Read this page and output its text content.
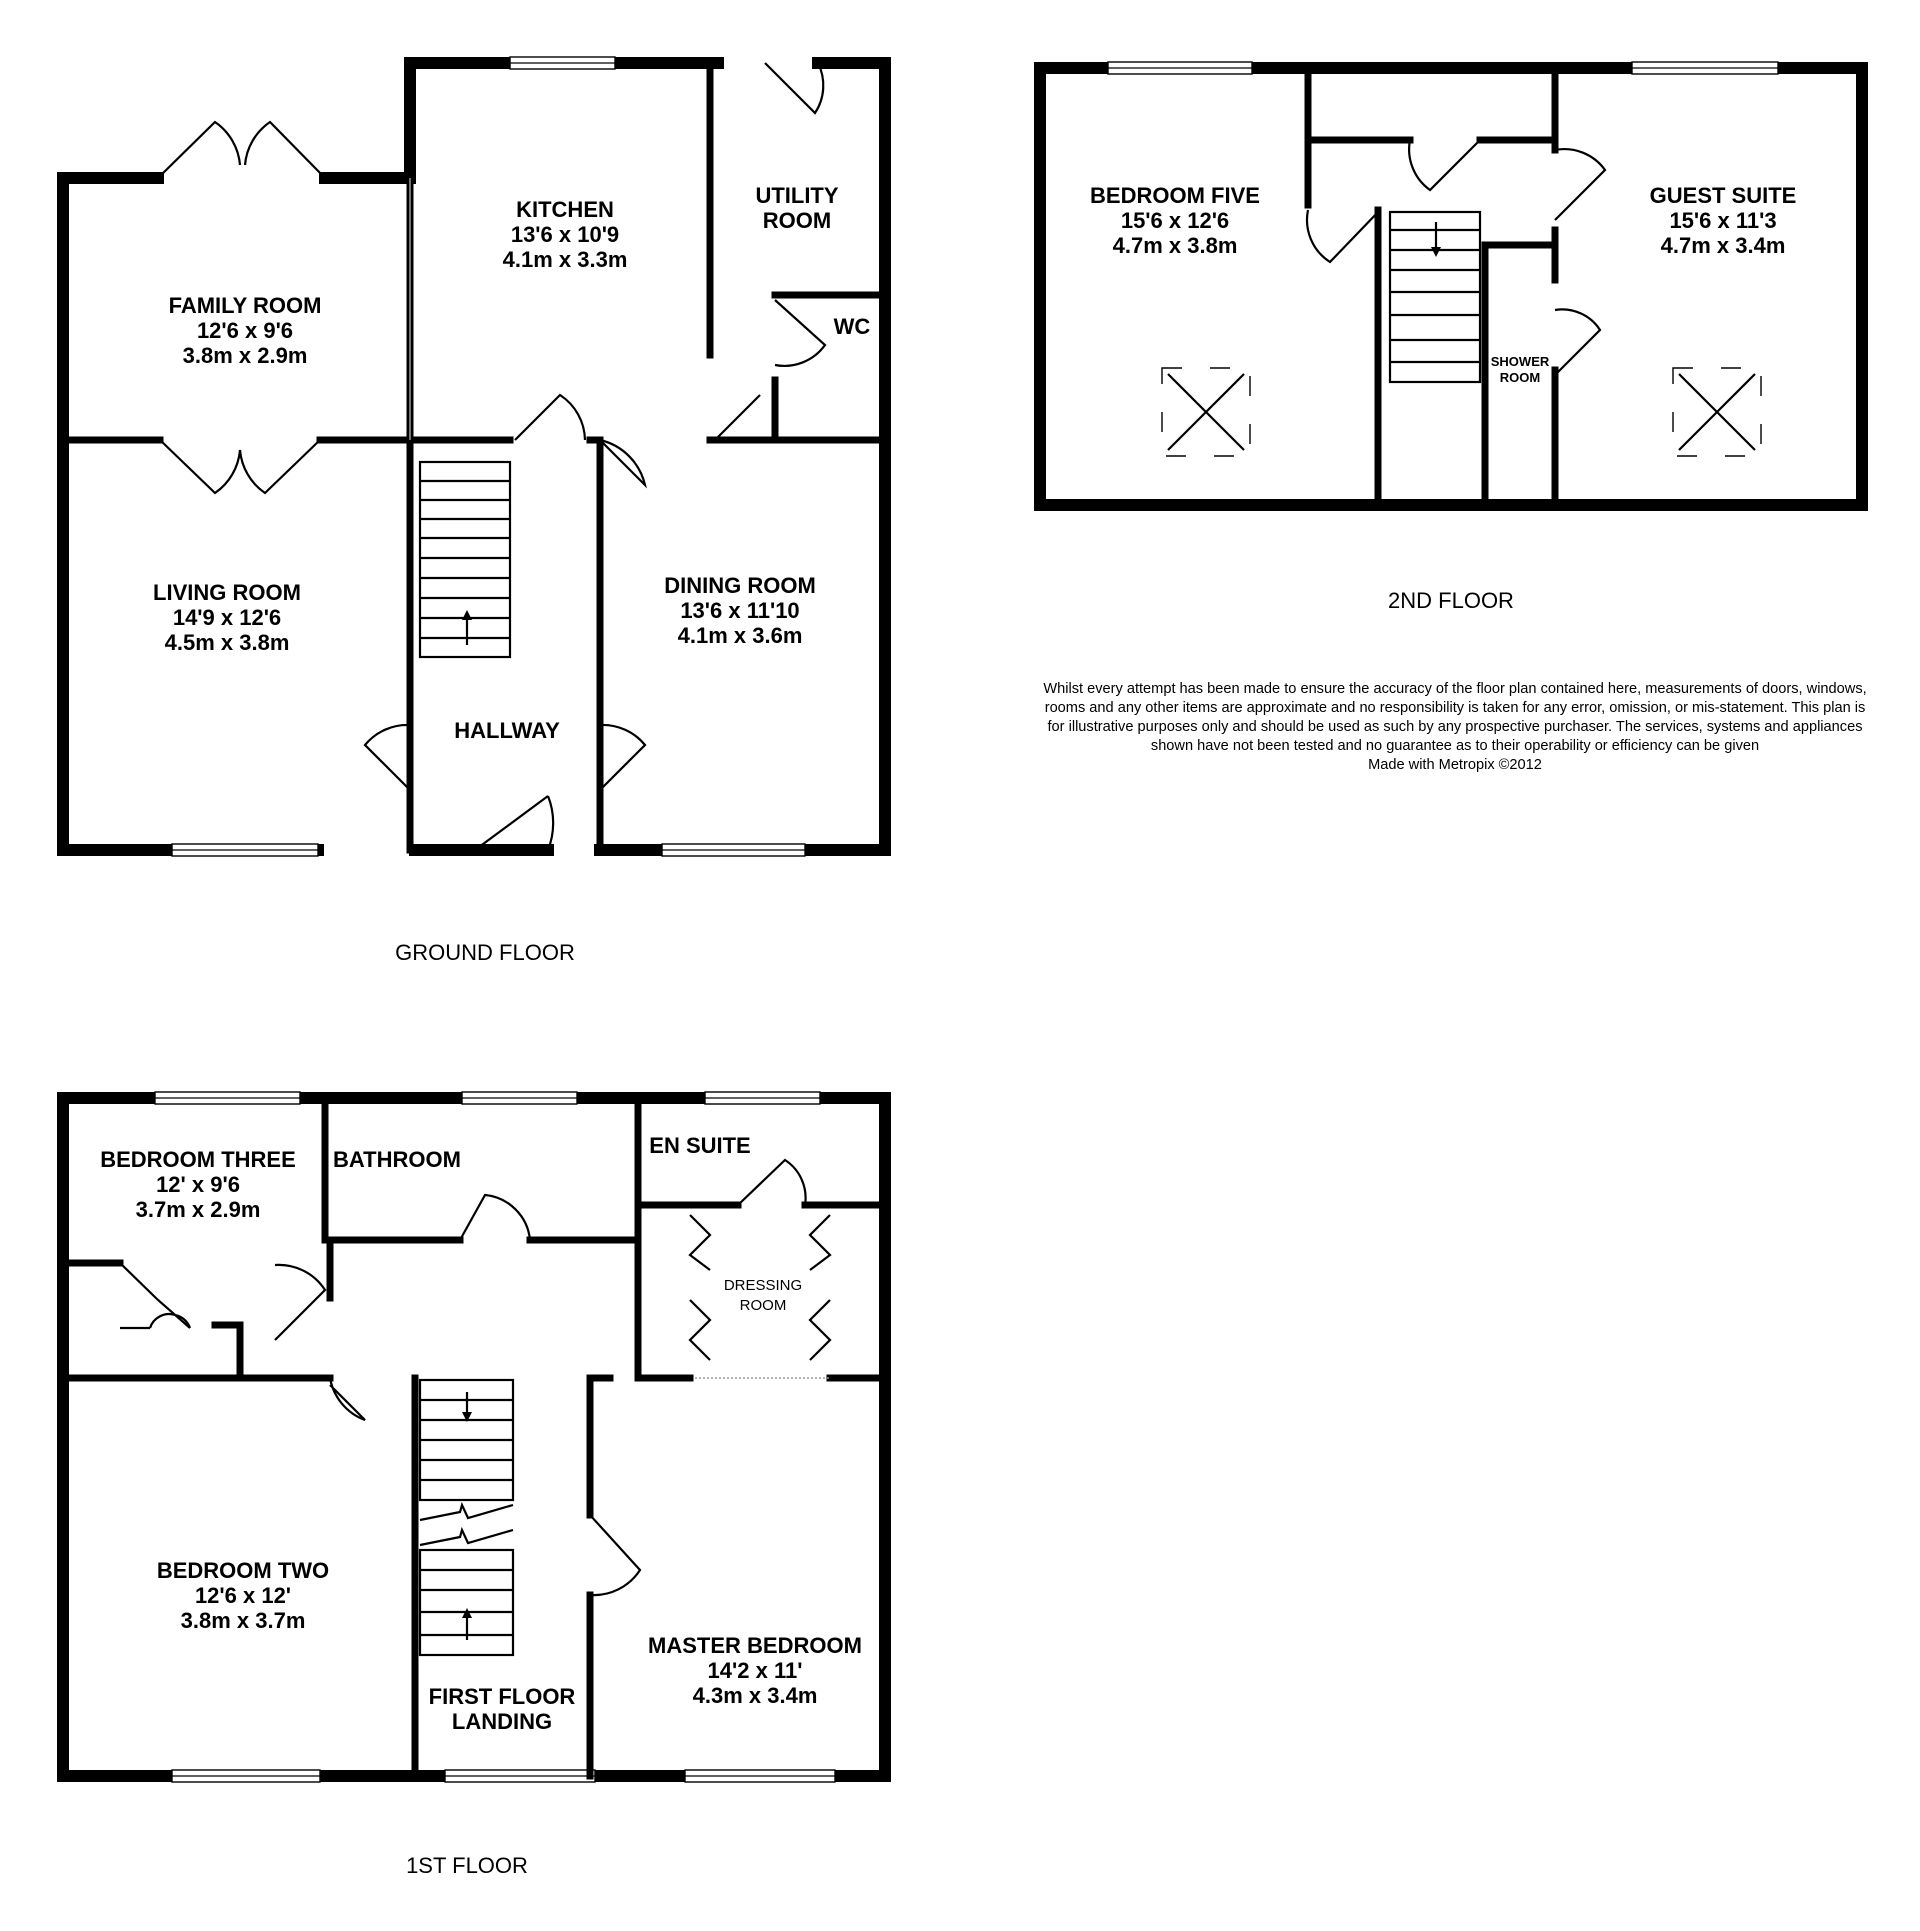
KITCHEN
13'6 x 10'9
4.1m x 3.3m
UTILITY
ROOM
WC
FAMILY ROOM
12'6 x 9'6
3.8m x 2.9m
LIVING ROOM
14'9 x 12'6
4.5m x 3.8m
DINING ROOM
13'6 x 11'10
4.1m x 3.6m
HALLWAY
GROUND FLOOR
BEDROOM FIVE
15'6 x 12'6
4.7m x 3.8m
GUEST SUITE
15'6 x 11'3
4.7m x 3.4m
SHOWER
ROOM
2ND FLOOR
BEDROOM THREE
12' x 9'6
3.7m x 2.9m
BATHROOM
EN SUITE
DRESSING
ROOM
BEDROOM TWO
12'6 x 12'
3.8m x 3.7m
MASTER BEDROOM
14'2 x 11'
4.3m x 3.4m
FIRST FLOOR
LANDING
1ST FLOOR
Whilst every attempt has been made to ensure the accuracy of the floor plan contained here, measurements of doors, windows, rooms and any other items are approximate and no responsibility is taken for any error, omission, or mis-statement. This plan is for illustrative purposes only and should be used as such by any prospective purchaser. The services, systems and appliances shown have not been tested and no guarantee as to their operability or efficiency can be given
Made with Metropix ©2012
